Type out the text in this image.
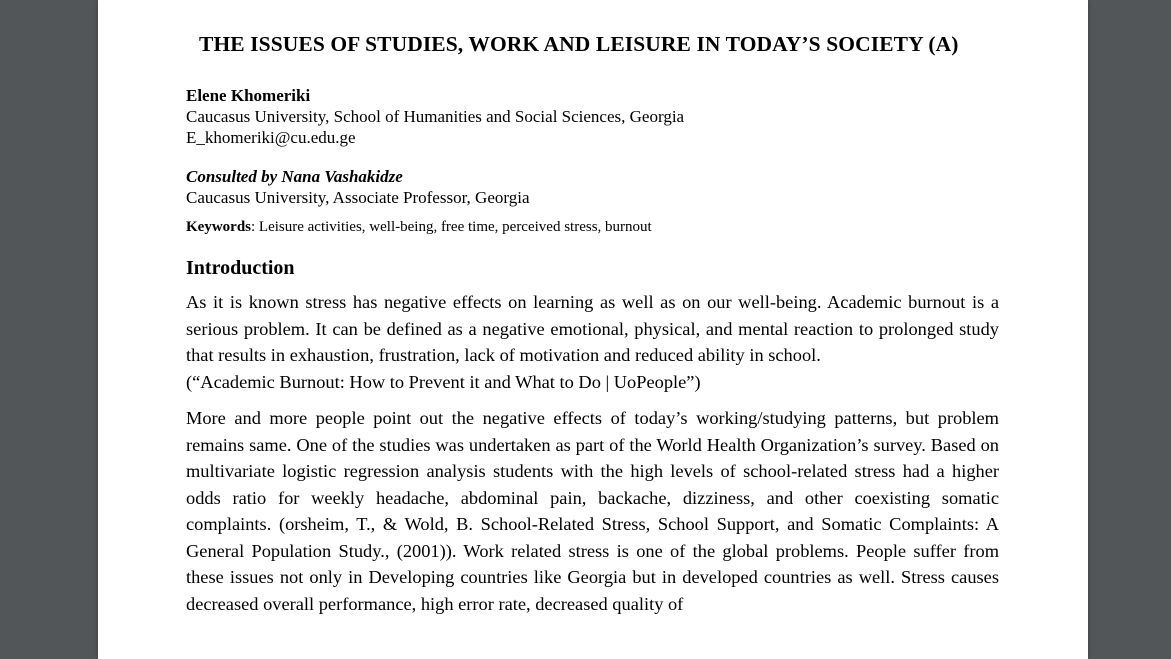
THE ISSUES OF STUDIES, WORK AND LEISURE IN TODAY’S SOCIETY (A)
Elene Khomeriki
Caucasus University, School of Humanities and Social Sciences, Georgia
E_khomeriki@cu.edu.ge
Consulted by Nana Vashakidze
Caucasus University, Associate Professor, Georgia
Keywords: Leisure activities, well-being, free time, perceived stress, burnout
Introduction

As it is known stress has negative effects on learning as well as on our well-being. Academic burnout is a serious problem. It can be defined as a negative emotional, physical, and mental reaction to prolonged study that results in exhaustion, frustration, lack of motivation and reduced ability in school.
(“Academic Burnout: How to Prevent it and What to Do | UoPeople”)

More and more people point out the negative effects of today’s working/studying patterns, but problem remains same. One of the studies was undertaken as part of the World Health Organization’s survey. Based on multivariate logistic regression analysis students with the high levels of school-related stress had a higher odds ratio for weekly headache, abdominal pain, backache, dizziness, and other coexisting somatic complaints. (orsheim, T., & Wold, B. School-Related Stress, School Support, and Somatic Complaints: A General Population Study., (2001)). Work related stress is one of the global problems. People suffer from these issues not only in Developing countries like Georgia but in developed countries as well. Stress causes decreased overall performance, high error rate, decreased quality of
